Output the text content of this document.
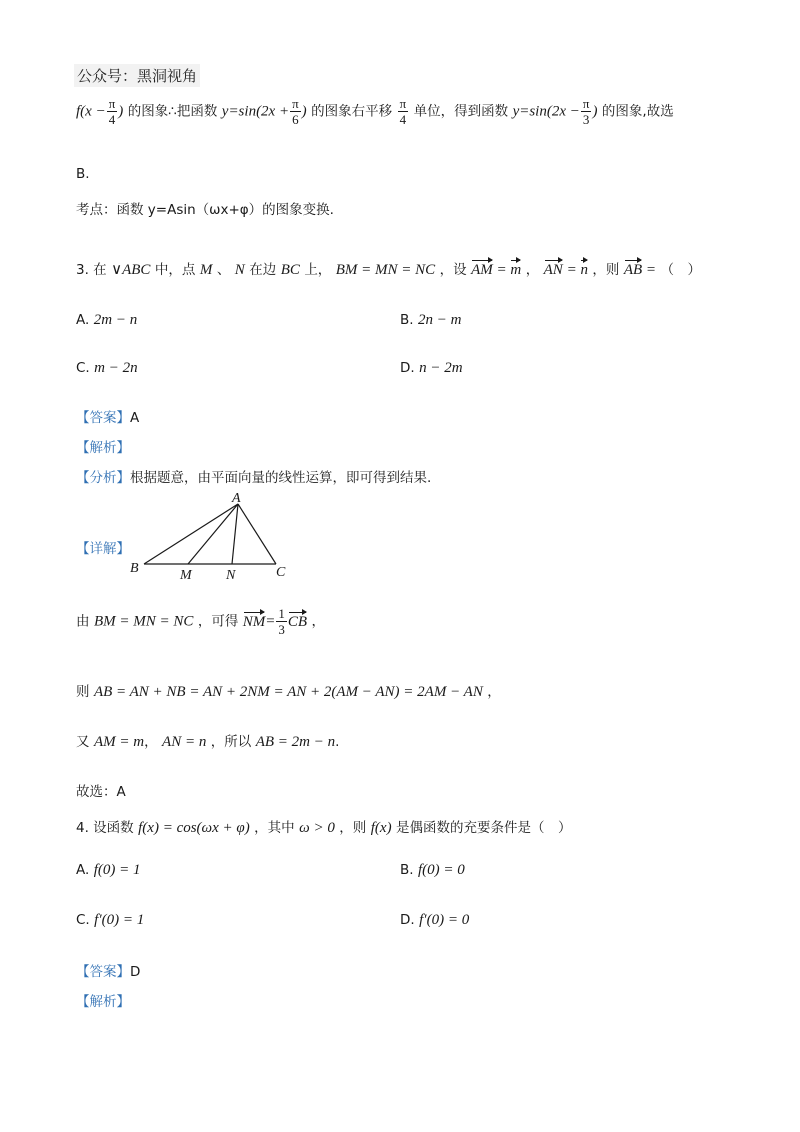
公众号：黑洞视角
$f(x - \frac{\pi}{4}$ ) 的图象∴把函数 $y=\sin(2x + \frac{\pi}{6}$ ) 的图象右平移 $\frac{\pi}{4}$ 单位，得到函数 $y=\sin(2x - \frac{\pi}{3}$ ) 的图象,故选
B.
考点：函数 y=Asin（ωx+φ）的图象变换.
3. 在 ∨ABC 中，点 M 、 N 在边 BC 上， BM = MN = NC ，设 AM = m ， AN = n ，则 AB = （　）
A. 2m − n	B. 2n − m
C. m − 2n	D. n − 2m
【答案】A
【解析】
【分析】根据题意，由平面向量的线性运算，即可得到结果.
【详解】
A
B	M N	C
由 BM = MN = NC ，可得 $NM= \frac{1}{3}$ CB ，
则 AB = AN + NB = AN + 2NM = AN + 2(AM − AN) = 2AM − AN ，
又 AM = m， AN = n ，所以 AB = 2m − n.
故选：A
4. 设函数 f(x) = cos(ωx + φ) ，其中 ω > 0 ，则 f(x) 是偶函数的充要条件是（　）
A. f(0) = 1	B. f(0) = 0
C. f′(0) = 1	D. f′(0) = 0
【答案】D
【解析】
